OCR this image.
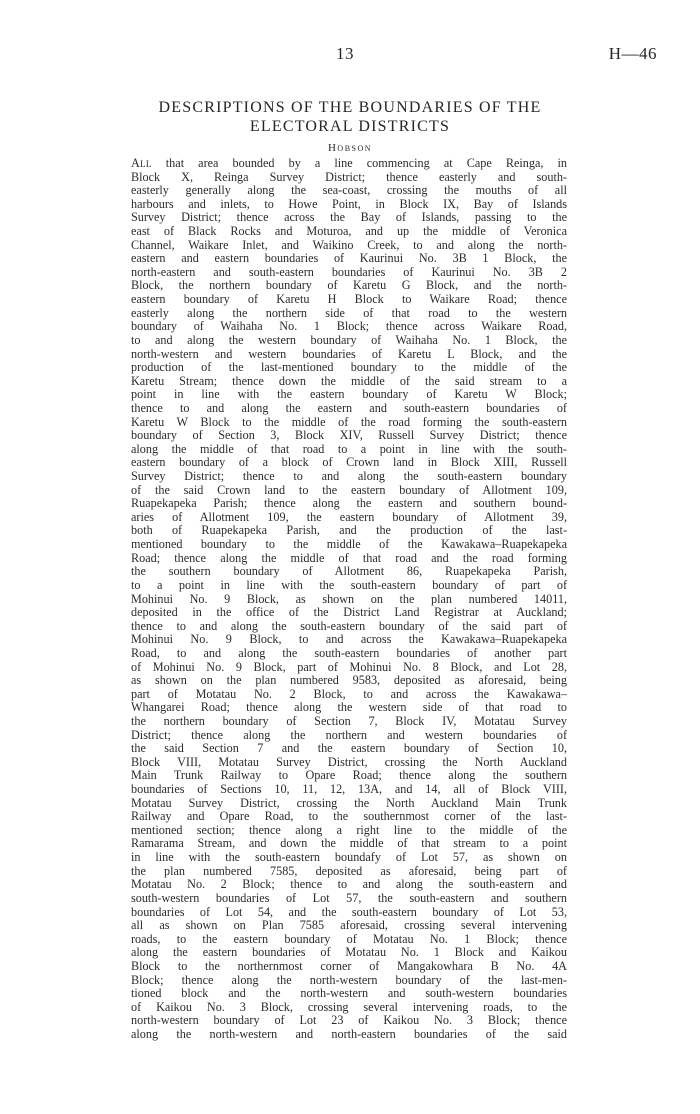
13	H—46
DESCRIPTIONS OF THE BOUNDARIES OF THE
ELECTORAL DISTRICTS
Hobson
All that area bounded by a line commencing at Cape Reinga, in
Block X, Reinga Survey District; thence easterly and south-
easterly generally along the sea-coast, crossing the mouths of all
harbours and inlets, to Howe Point, in Block IX, Bay of Islands
Survey District; thence across the Bay of Islands, passing to the
east of Black Rocks and Moturoa, and up the middle of Veronica
Channel, Waikare Inlet, and Waikino Creek, to and along the north-
eastern and eastern boundaries of Kaurinui No. 3B 1 Block, the
north-eastern and south-eastern boundaries of Kaurinui No. 3B 2
Block, the northern boundary of Karetu G Block, and the north-
eastern boundary of Karetu H Block to Waikare Road; thence
easterly along the northern side of that road to the western
boundary of Waihaha No. 1 Block; thence across Waikare Road,
to and along the western boundary of Waihaha No. 1 Block, the
north-western and western boundaries of Karetu L Block, and the
production of the last-mentioned boundary to the middle of the
Karetu Stream; thence down the middle of the said stream to a
point in line with the eastern boundary of Karetu W Block;
thence to and along the eastern and south-eastern boundaries of
Karetu W Block to the middle of the road forming the south-eastern
boundary of Section 3, Block XIV, Russell Survey District; thence
along the middle of that road to a point in line with the south-
eastern boundary of a block of Crown land in Block XIII, Russell
Survey District; thence to and along the south-eastern boundary
of the said Crown land to the eastern boundary of Allotment 109,
Ruapekapeka Parish; thence along the eastern and southern bound-
aries of Allotment 109, the eastern boundary of Allotment 39,
both of Ruapekapeka Parish, and the production of the last-
mentioned boundary to the middle of the Kawakawa–Ruapekapeka
Road; thence along the middle of that road and the road forming
the southern boundary of Allotment 86, Ruapekapeka Parish,
to a point in line with the south-eastern boundary of part of
Mohinui No. 9 Block, as shown on the plan numbered 14011,
deposited in the office of the District Land Registrar at Auckland;
thence to and along the south-eastern boundary of the said part of
Mohinui No. 9 Block, to and across the Kawakawa–Ruapekapeka
Road, to and along the south-eastern boundaries of another part
of Mohinui No. 9 Block, part of Mohinui No. 8 Block, and Lot 28,
as shown on the plan numbered 9583, deposited as aforesaid, being
part of Motatau No. 2 Block, to and across the Kawakawa–
Whangarei Road; thence along the western side of that road to
the northern boundary of Section 7, Block IV, Motatau Survey
District; thence along the northern and western boundaries of
the said Section 7 and the eastern boundary of Section 10,
Block VIII, Motatau Survey District, crossing the North Auckland
Main Trunk Railway to Opare Road; thence along the southern
boundaries of Sections 10, 11, 12, 13A, and 14, all of Block VIII,
Motatau Survey District, crossing the North Auckland Main Trunk
Railway and Opare Road, to the southernmost corner of the last-
mentioned section; thence along a right line to the middle of the
Ramarama Stream, and down the middle of that stream to a point
in line with the south-eastern boundafy of Lot 57, as shown on
the plan numbered 7585, deposited as aforesaid, being part of
Motatau No. 2 Block; thence to and along the south-eastern and
south-western boundaries of Lot 57, the south-eastern and southern
boundaries of Lot 54, and the south-eastern boundary of Lot 53,
all as shown on Plan 7585 aforesaid, crossing several intervening
roads, to the eastern boundary of Motatau No. 1 Block; thence
along the eastern boundaries of Motatau No. 1 Block and Kaikou
Block to the northernmost corner of Mangakowhara B No. 4A
Block; thence along the north-western boundary of the last-men-
tioned block and the north-western and south-western boundaries
of Kaikou No. 3 Block, crossing several intervening roads, to the
north-western boundary of Lot 23 of Kaikou No. 3 Block; thence
along the north-western and north-eastern boundaries of the said
